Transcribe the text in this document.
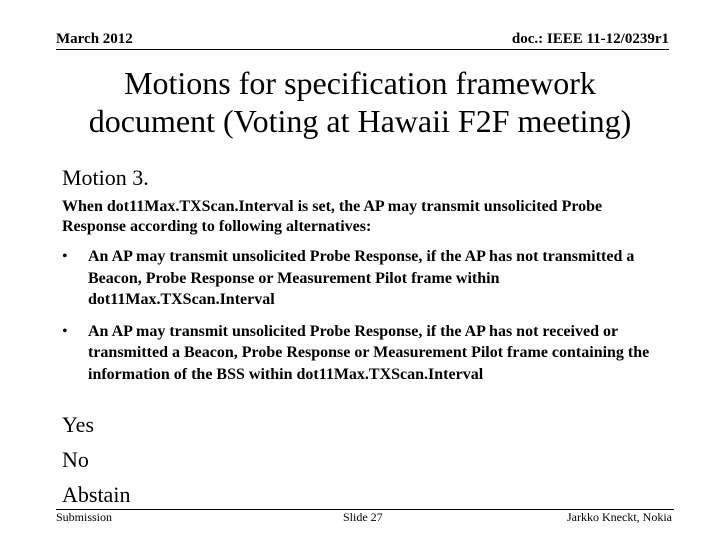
March 2012	doc.: IEEE 11-12/0239r1
Motions for specification framework
document (Voting at Hawaii F2F meeting)
Motion 3.
When dot11Max.TXScan.Interval is set, the AP may transmit unsolicited Probe Response according to following alternatives:
• An AP may transmit unsolicited Probe Response, if the AP has not transmitted a Beacon, Probe Response or Measurement Pilot frame within dot11Max.TXScan.Interval
• An AP may transmit unsolicited Probe Response, if the AP has not received or transmitted a Beacon, Probe Response or Measurement Pilot frame containing the information of the BSS within dot11Max.TXScan.Interval
Yes
No
Abstain
Submission	Slide 27	Jarkko Kneckt, Nokia
